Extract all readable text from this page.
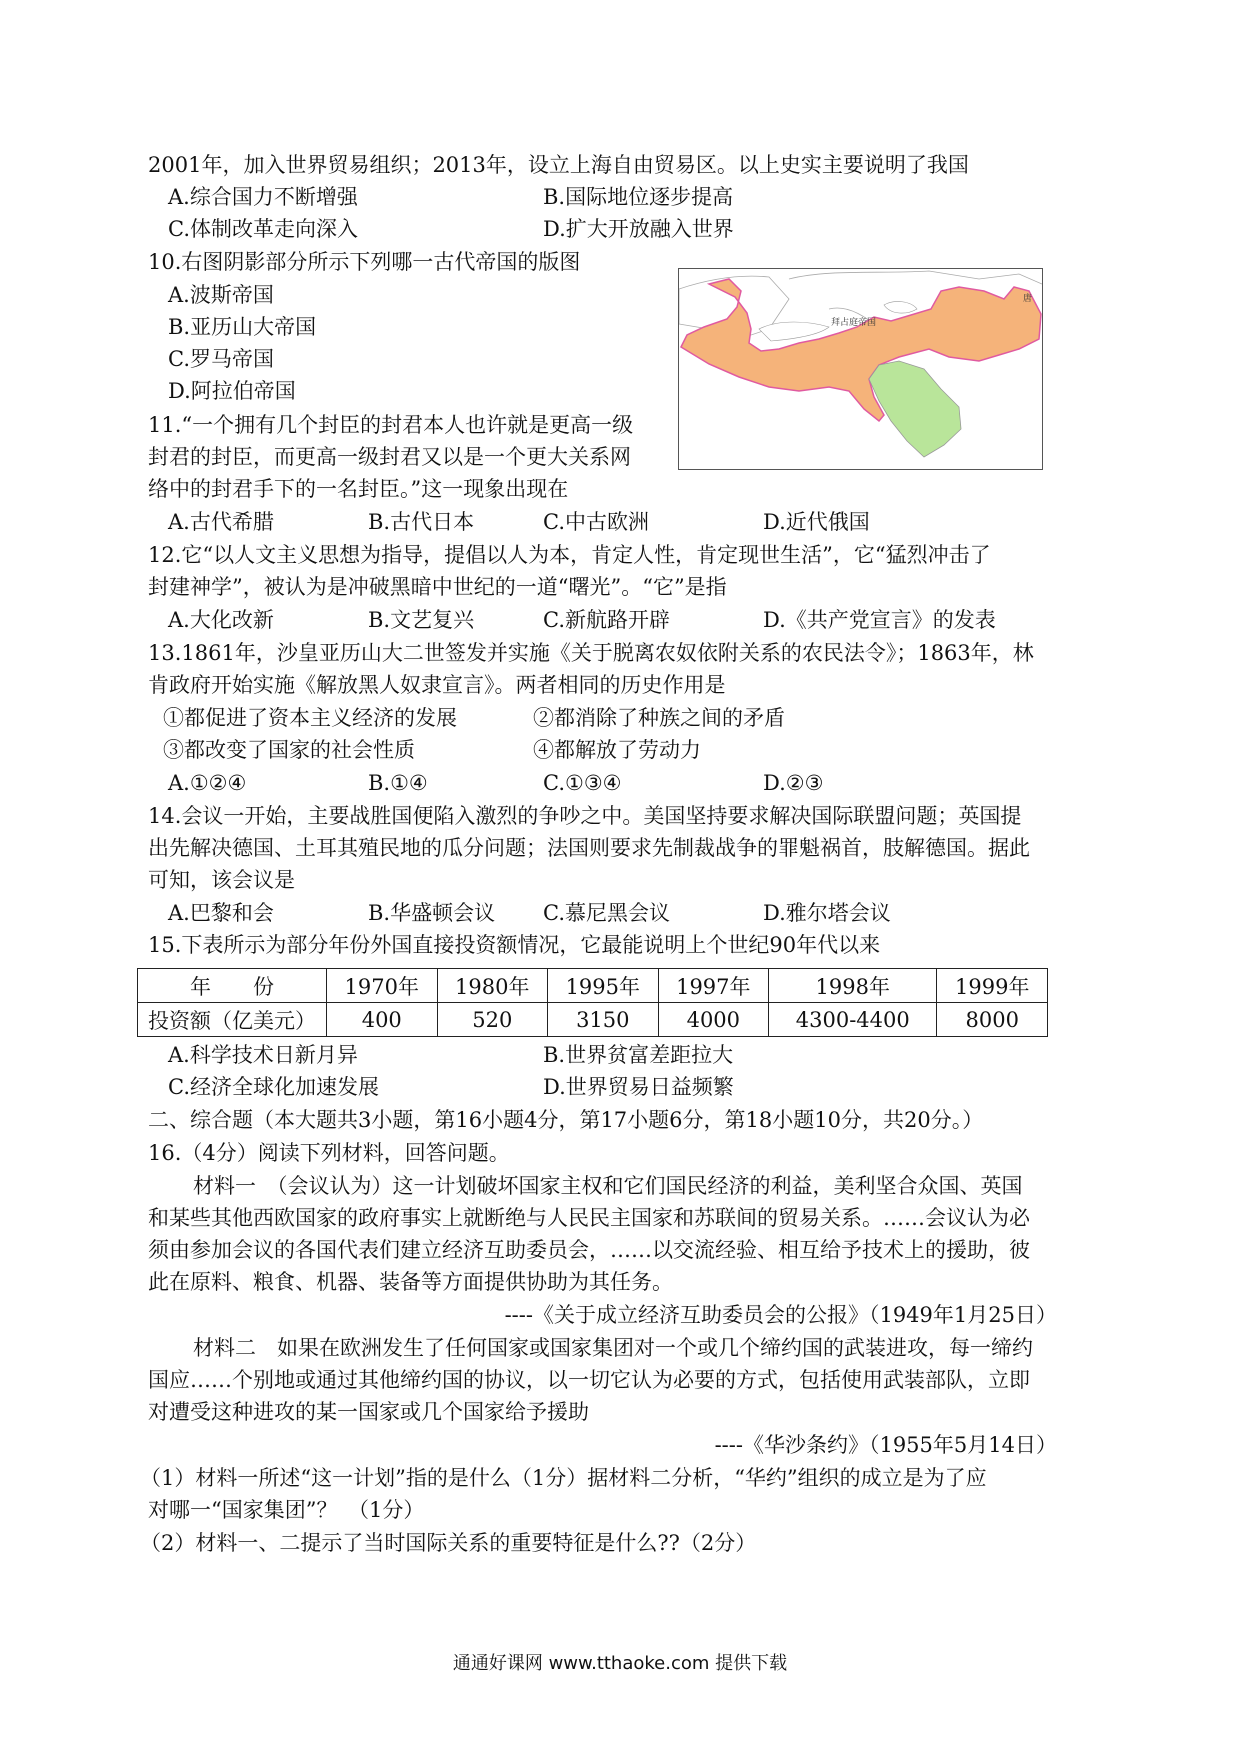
2001年，加入世界贸易组织；2013年，设立上海自由贸易区。以上史实主要说明了我国
A.综合国力不断增强	B.国际地位逐步提高
C.体制改革走向深入	D.扩大开放融入世界
10.右图阴影部分所示下列哪一古代帝国的版图
A.波斯帝国
B.亚历山大帝国
C.罗马帝国
D.阿拉伯帝国
拜占庭帝国
唐
11.“一个拥有几个封臣的封君本人也许就是更高一级
封君的封臣，而更高一级封君又以是一个更大关系网
络中的封君手下的一名封臣。”这一现象出现在
A.古代希腊	B.古代日本	C.中古欧洲	D.近代俄国
12.它“以人文主义思想为指导，提倡以人为本，肯定人性，肯定现世生活”，它“猛烈冲击了
封建神学”，被认为是冲破黑暗中世纪的一道“曙光”。“它”是指
A.大化改新	B.文艺复兴	C.新航路开辟	D.《共产党宣言》的发表
13.1861年，沙皇亚历山大二世签发并实施《关于脱离农奴依附关系的农民法令》；1863年，林
肯政府开始实施《解放黑人奴隶宣言》。两者相同的历史作用是
①都促进了资本主义经济的发展	②都消除了种族之间的矛盾
③都改变了国家的社会性质	④都解放了劳动力
A.①②④	B.①④	C.①③④	D.②③
14.会议一开始，主要战胜国便陷入激烈的争吵之中。美国坚持要求解决国际联盟问题；英国提
出先解决德国、土耳其殖民地的瓜分问题；法国则要求先制裁战争的罪魁祸首，肢解德国。据此
可知，该会议是
A.巴黎和会	B.华盛顿会议 C.慕尼黑会议	D.雅尔塔会议
15.下表所示为部分年份外国直接投资额情况，它最能说明上个世纪90年代以来
年　　份	1970年	1980年	1995年	1997年	1998年	1999年
投资额（亿美元）	400	520	3150	4000	4300-4400	8000
A.科学技术日新月异	B.世界贫富差距拉大
C.经济全球化加速发展	D.世界贸易日益频繁
二、综合题（本大题共3小题，第16小题4分，第17小题6分，第18小题10分，共20分。）
16.（4分）阅读下列材料，回答问题。
材料一　（会议认为）这一计划破坏国家主权和它们国民经济的利益，美利坚合众国、英国
和某些其他西欧国家的政府事实上就断绝与人民民主国家和苏联间的贸易关系。……会议认为必
须由参加会议的各国代表们建立经济互助委员会，……以交流经验、相互给予技术上的援助，彼
此在原料、粮食、机器、装备等方面提供协助为其任务。
----《关于成立经济互助委员会的公报》（1949年1月25日）
材料二　如果在欧洲发生了任何国家或国家集团对一个或几个缔约国的武装进攻，每一缔约
国应……个别地或通过其他缔约国的协议，以一切它认为必要的方式，包括使用武装部队，立即
对遭受这种进攻的某一国家或几个国家给予援助
----《华沙条约》（1955年5月14日）
（1）材料一所述“这一计划”指的是什么（1分）据材料二分析，“华约”组织的成立是为了应
对哪一“国家集团”？　（1分）
（2）材料一、二提示了当时国际关系的重要特征是什么??（2分）
通通好课网 www.tthaoke.com 提供下载
